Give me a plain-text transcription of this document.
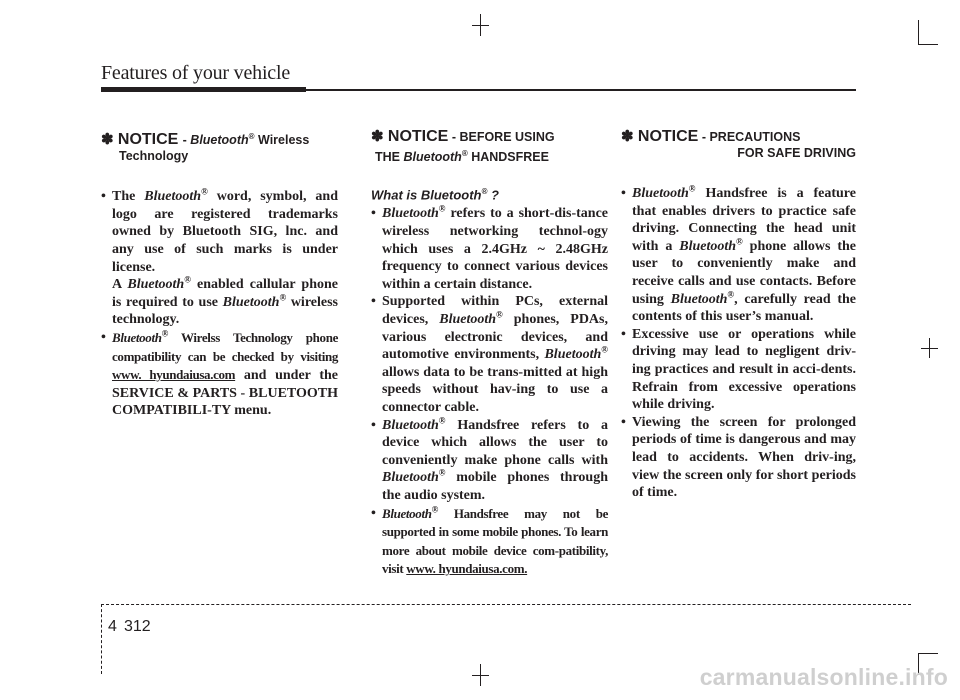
Features of your vehicle
✽ NOTICE - Bluetooth® Wireless
Technology
• The Bluetooth® word, symbol, and logo are registered trademarks owned by Bluetooth SIG, lnc. and any use of such marks is under license.
A Bluetooth® enabled callular phone is required to use Bluetooth® wireless technology.
• Bluetooth® Wirelss Technology phone compatibility can be checked by visiting www. hyundaiusa.com and under the SERVICE & PARTS - BLUETOOTH COMPATIBILI-TY menu.
✽ NOTICE - BEFORE USING
THE Bluetooth® HANDSFREE
What is Bluetooth® ?
• Bluetooth® refers to a short-dis-tance wireless networking technol-ogy which uses a 2.4GHz ~ 2.48GHz frequency to connect various devices within a certain distance.
• Supported within PCs, external devices, Bluetooth® phones, PDAs, various electronic devices, and automotive environments, Bluetooth® allows data to be trans-mitted at high speeds without hav-ing to use a connector cable.
• Bluetooth® Handsfree refers to a device which allows the user to conveniently make phone calls with Bluetooth® mobile phones through the audio system.
• Bluetooth® Handsfree may not be supported in some mobile phones. To learn more about mobile device com-patibility, visit www. hyundaiusa.com.
✽ NOTICE - PRECAUTIONS
FOR SAFE DRIVING
• Bluetooth® Handsfree is a feature that enables drivers to practice safe driving. Connecting the head unit with a Bluetooth® phone allows the user to conveniently make and receive calls and use contacts. Before using Bluetooth®, carefully read the contents of this user’s manual.
• Excessive use or operations while driving may lead to negligent driv-ing practices and result in acci-dents. Refrain from excessive operations while driving.
• Viewing the screen for prolonged periods of time is dangerous and may lead to accidents. When driv-ing, view the screen only for short periods of time.
4 312
carmanualsonline.info
